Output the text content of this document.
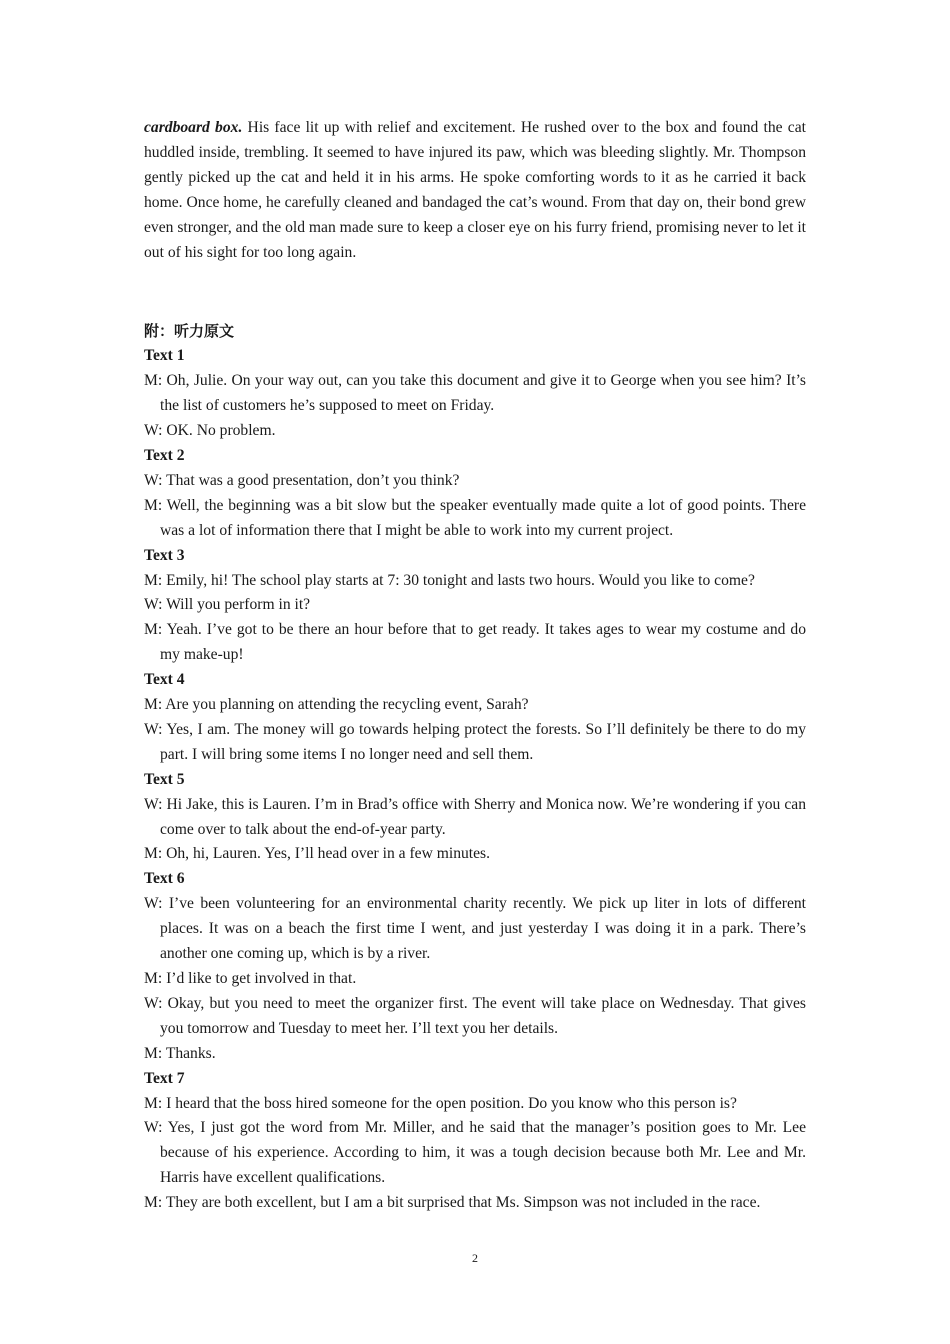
cardboard box. His face lit up with relief and excitement. He rushed over to the box and found the cat huddled inside, trembling. It seemed to have injured its paw, which was bleeding slightly. Mr. Thompson gently picked up the cat and held it in his arms. He spoke comforting words to it as he carried it back home. Once home, he carefully cleaned and bandaged the cat’s wound. From that day on, their bond grew even stronger, and the old man made sure to keep a closer eye on his furry friend, promising never to let it out of his sight for too long again.

附：听力原文

Text 1

M: Oh, Julie. On your way out, can you take this document and give it to George when you see him? It’s the list of customers he’s supposed to meet on Friday.

W: OK. No problem.

Text 2

W: That was a good presentation, don’t you think?

M: Well, the beginning was a bit slow but the speaker eventually made quite a lot of good points. There was a lot of information there that I might be able to work into my current project.

Text 3

M: Emily, hi! The school play starts at 7: 30 tonight and lasts two hours. Would you like to come?

W: Will you perform in it?

M: Yeah. I’ve got to be there an hour before that to get ready. It takes ages to wear my costume and do my make-up!

Text 4

M: Are you planning on attending the recycling event, Sarah?

W: Yes, I am. The money will go towards helping protect the forests. So I’ll definitely be there to do my part. I will bring some items I no longer need and sell them.

Text 5

W: Hi Jake, this is Lauren. I’m in Brad’s office with Sherry and Monica now. We’re wondering if you can come over to talk about the end-of-year party.

M: Oh, hi, Lauren. Yes, I’ll head over in a few minutes.

Text 6

W: I’ve been volunteering for an environmental charity recently. We pick up liter in lots of different places. It was on a beach the first time I went, and just yesterday I was doing it in a park. There’s another one coming up, which is by a river.

M: I’d like to get involved in that.

W: Okay, but you need to meet the organizer first. The event will take place on Wednesday. That gives you tomorrow and Tuesday to meet her. I’ll text you her details.

M: Thanks.

Text 7

M: I heard that the boss hired someone for the open position. Do you know who this person is?

W: Yes, I just got the word from Mr. Miller, and he said that the manager’s position goes to Mr. Lee because of his experience. According to him, it was a tough decision because both Mr. Lee and Mr. Harris have excellent qualifications.

M: They are both excellent, but I am a bit surprised that Ms. Simpson was not included in the race.

2
